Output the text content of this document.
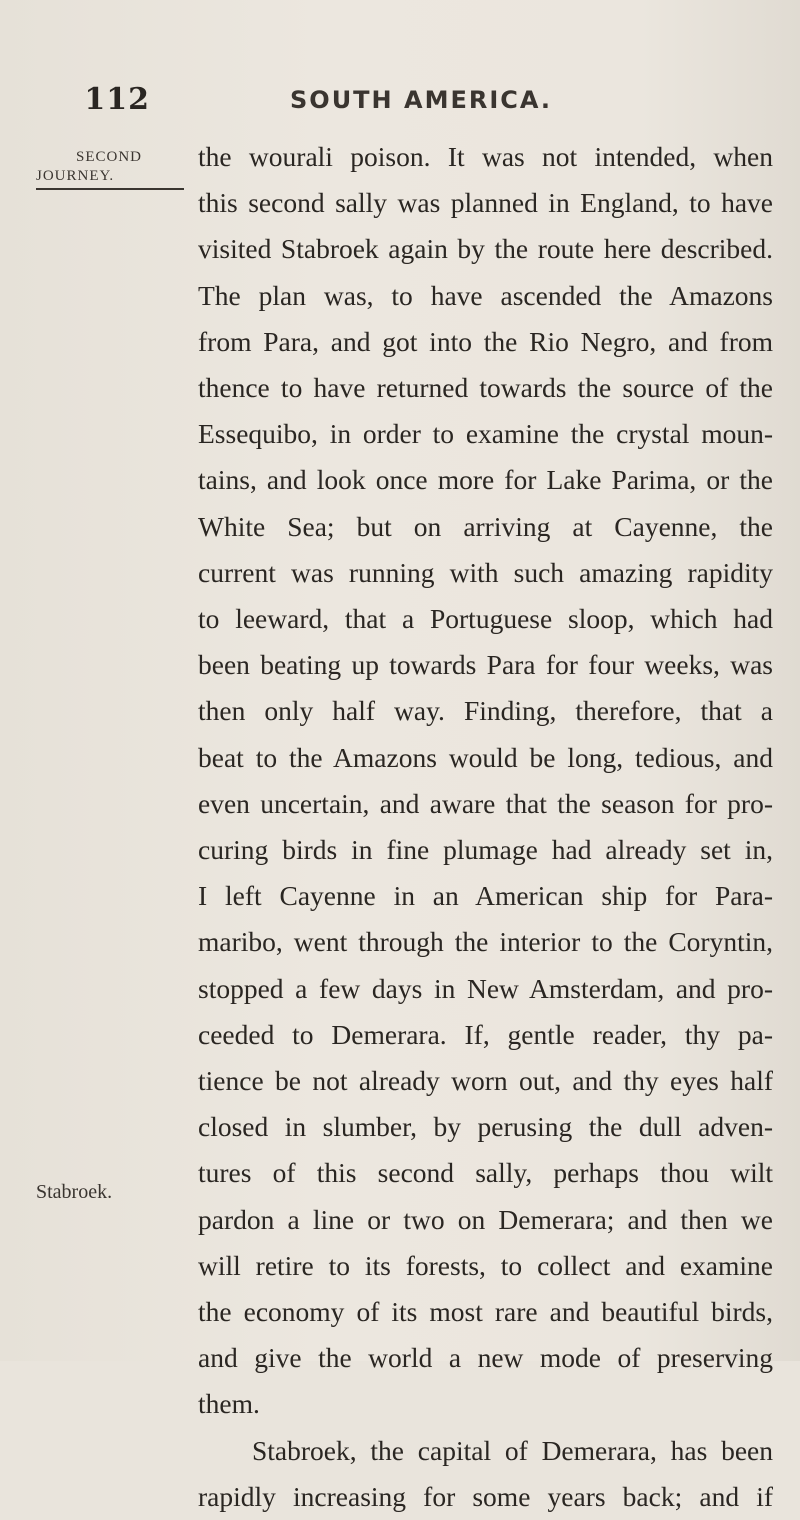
112	SOUTH AMERICA.
SECOND
JOURNEY.
Stabroek.
the wourali poison. It was not intended, when
this second sally was planned in England, to have
visited Stabroek again by the route here described.
The plan was, to have ascended the Amazons
from Para, and got into the Rio Negro, and from
thence to have returned towards the source of the
Essequibo, in order to examine the crystal moun-
tains, and look once more for Lake Parima, or the
White Sea; but on arriving at Cayenne, the
current was running with such amazing rapidity
to leeward, that a Portuguese sloop, which had
been beating up towards Para for four weeks, was
then only half way. Finding, therefore, that a
beat to the Amazons would be long, tedious, and
even uncertain, and aware that the season for pro-
curing birds in fine plumage had already set in,
I left Cayenne in an American ship for Para-
maribo, went through the interior to the Coryntin,
stopped a few days in New Amsterdam, and pro-
ceeded to Demerara. If, gentle reader, thy pa-
tience be not already worn out, and thy eyes half
closed in slumber, by perusing the dull adven-
tures of this second sally, perhaps thou wilt
pardon a line or two on Demerara; and then we
will retire to its forests, to collect and examine
the economy of its most rare and beautiful birds,
and give the world a new mode of preserving
them.
Stabroek, the capital of Demerara, has been
rapidly increasing for some years back; and if
